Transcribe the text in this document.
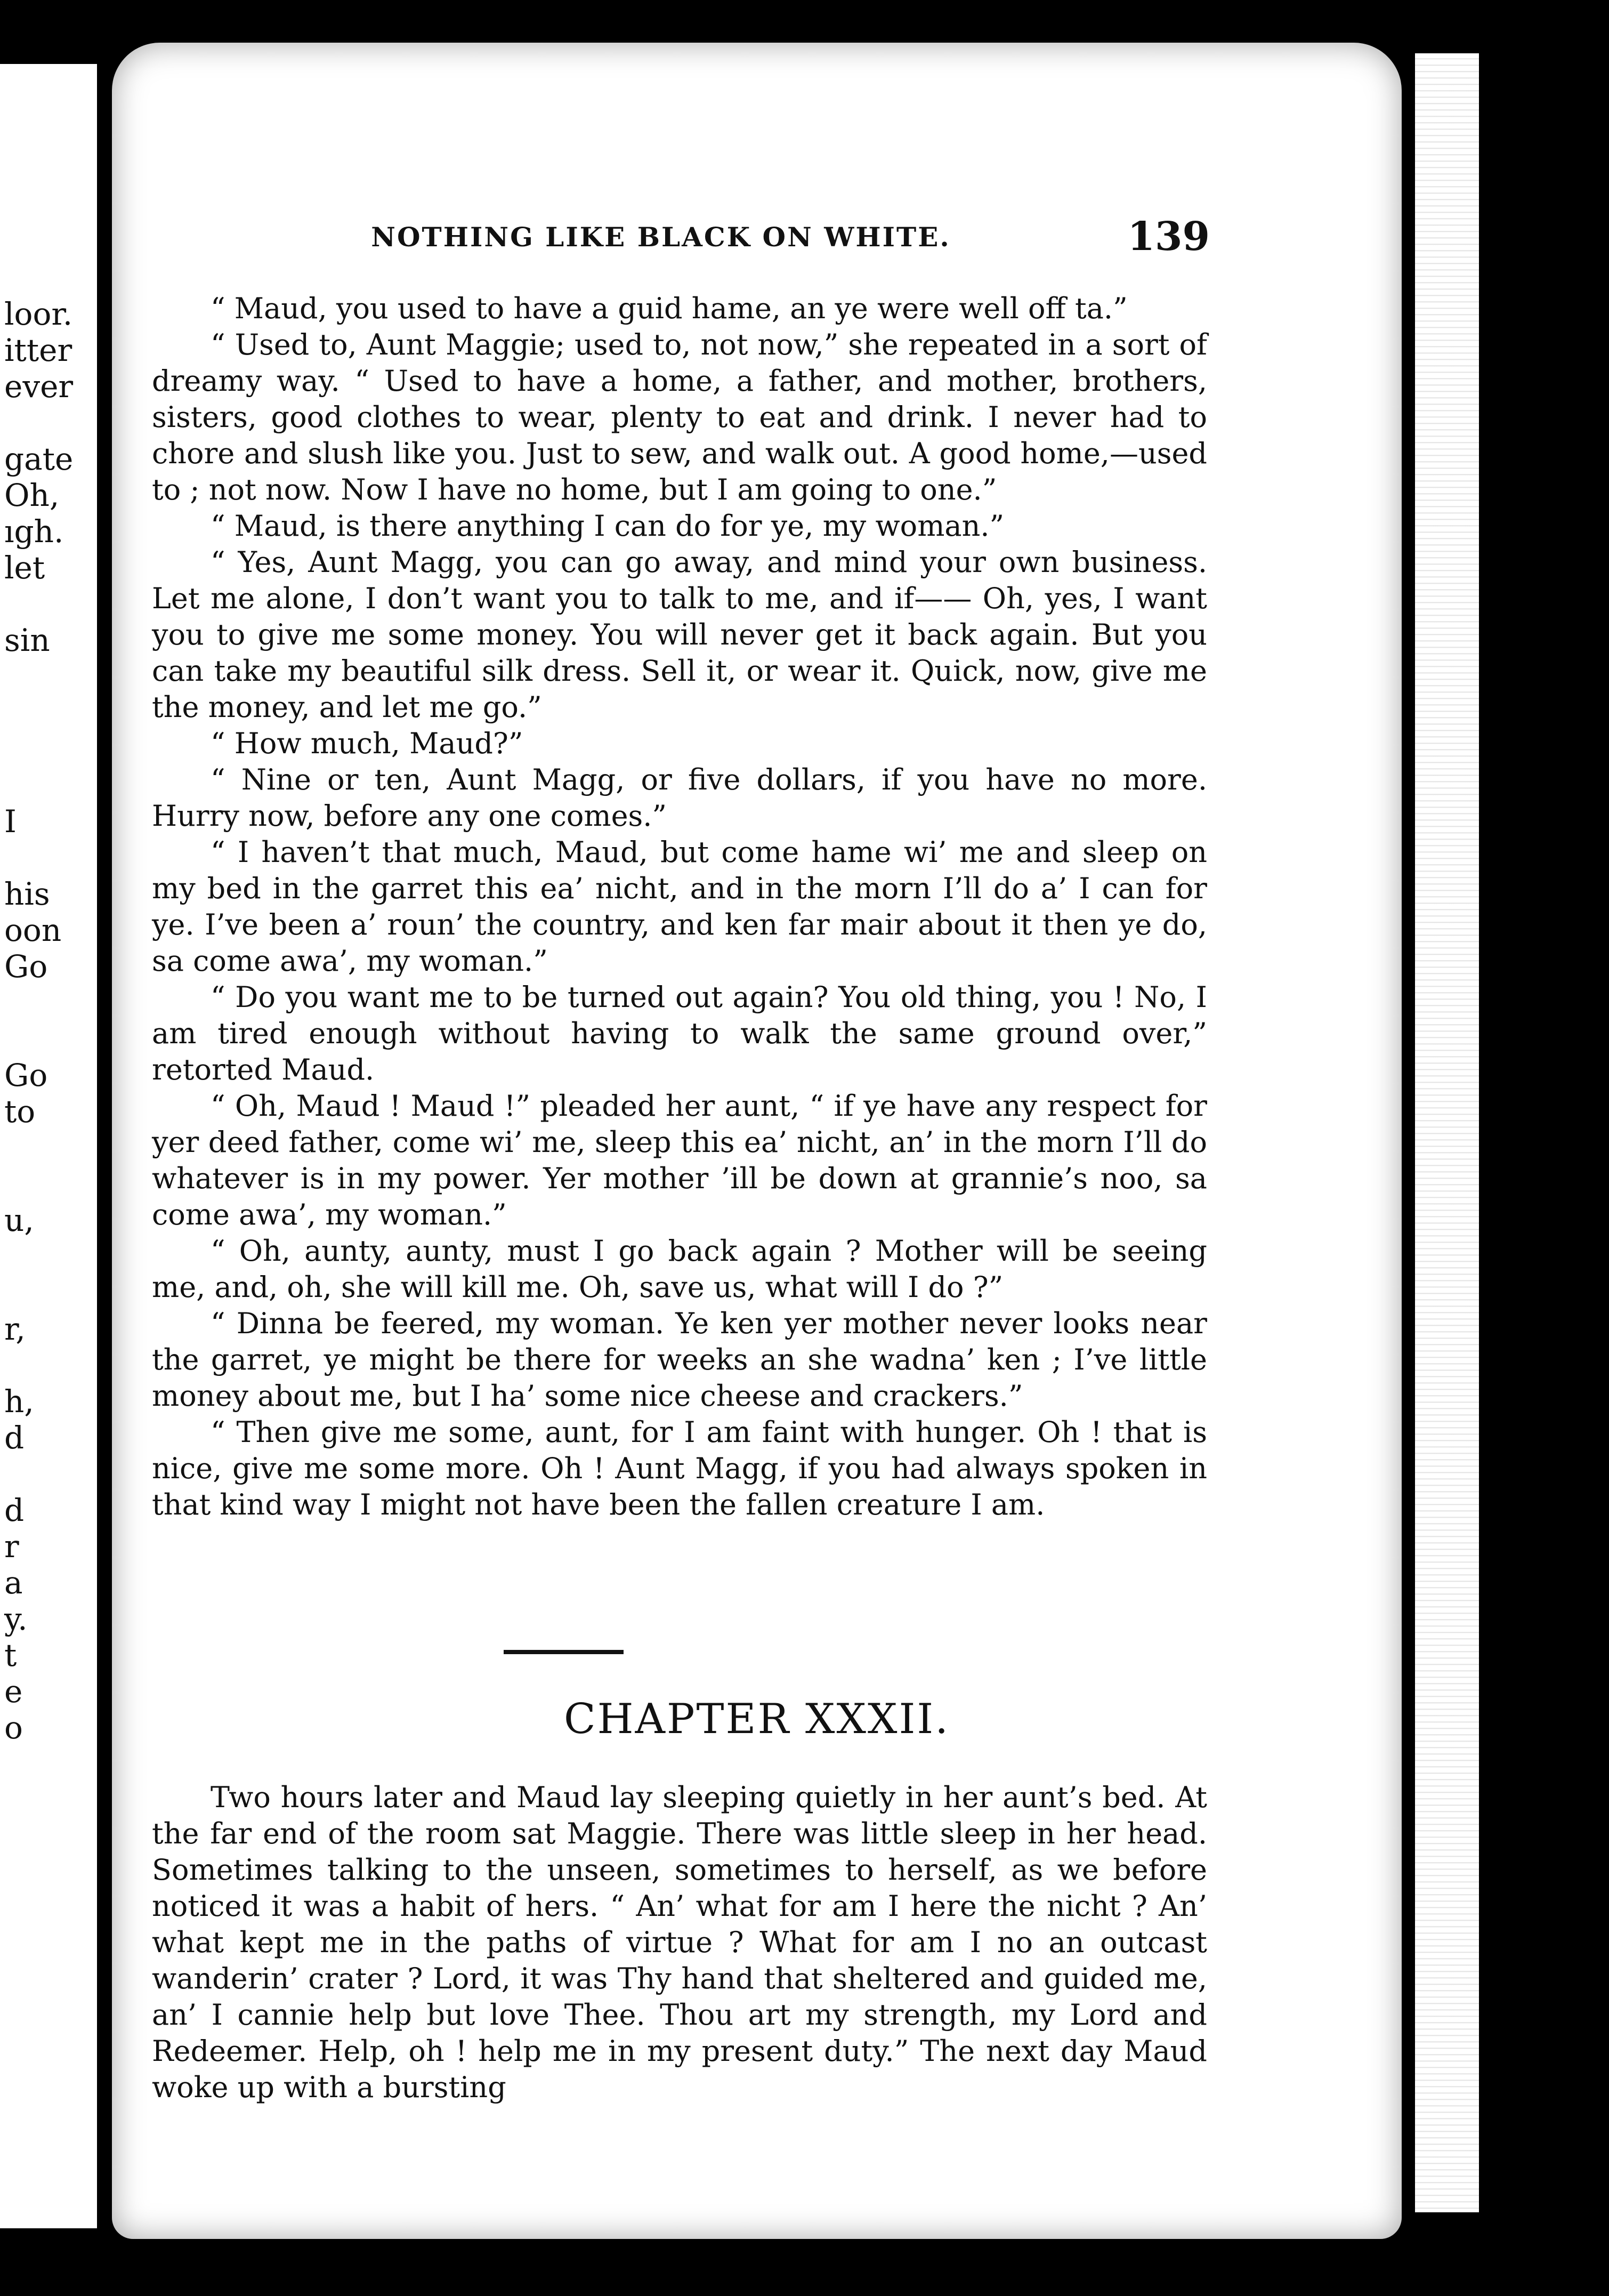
loor.
itter
ever
gate
Oh,
ıgh.
let
sin
I
his
oon
Go
Go
to
u,
r,
h,
d
d
r
a
y.
t
e
o
NOTHING LIKE BLACK ON WHITE.	139

“ Maud, you used to have a guid hame, an ye were well off ta.”

“ Used to, Aunt Maggie; used to, not now,” she repeated in a sort of dreamy way. “ Used to have a home, a father, and mother, brothers, sisters, good clothes to wear, plenty to eat and drink. I never had to chore and slush like you. Just to sew, and walk out. A good home,—used to ; not now. Now I have no home, but I am going to one.”

“ Maud, is there anything I can do for ye, my woman.”

“ Yes, Aunt Magg, you can go away, and mind your own business. Let me alone, I don’t want you to talk to me, and if—— Oh, yes, I want you to give me some money. You will never get it back again. But you can take my beautiful silk dress. Sell it, or wear it. Quick, now, give me the money, and let me go.”

“ How much, Maud?”

“ Nine or ten, Aunt Magg, or five dollars, if you have no more. Hurry now, before any one comes.”

“ I haven’t that much, Maud, but come hame wi’ me and sleep on my bed in the garret this ea’ nicht, and in the morn I’ll do a’ I can for ye. I’ve been a’ roun’ the country, and ken far mair about it then ye do, sa come awa’, my woman.”

“ Do you want me to be turned out again? You old thing, you ! No, I am tired enough without having to walk the same ground over,” retorted Maud.

“ Oh, Maud ! Maud !” pleaded her aunt, “ if ye have any respect for yer deed father, come wi’ me, sleep this ea’ nicht, an’ in the morn I’ll do whatever is in my power. Yer mother ’ill be down at grannie’s noo, sa come awa’, my woman.”

“ Oh, aunty, aunty, must I go back again ? Mother will be seeing me, and, oh, she will kill me. Oh, save us, what will I do ?”

“ Dinna be feered, my woman. Ye ken yer mother never looks near the garret, ye might be there for weeks an she wadna’ ken ; I’ve little money about me, but I ha’ some nice cheese and crackers.”

“ Then give me some, aunt, for I am faint with hunger. Oh ! that is nice, give me some more. Oh ! Aunt Magg, if you had always spoken in that kind way I might not have been the fallen creature I am.

CHAPTER XXXII.

Two hours later and Maud lay sleeping quietly in her aunt’s bed. At the far end of the room sat Maggie. There was little sleep in her head. Sometimes talking to the unseen, sometimes to herself, as we before noticed it was a habit of hers. “ An’ what for am I here the nicht ? An’ what kept me in the paths of virtue ? What for am I no an outcast wanderin’ crater ? Lord, it was Thy hand that sheltered and guided me, an’ I cannie help but love Thee. Thou art my strength, my Lord and Redeemer. Help, oh ! help me in my present duty.” The next day Maud woke up with a bursting
